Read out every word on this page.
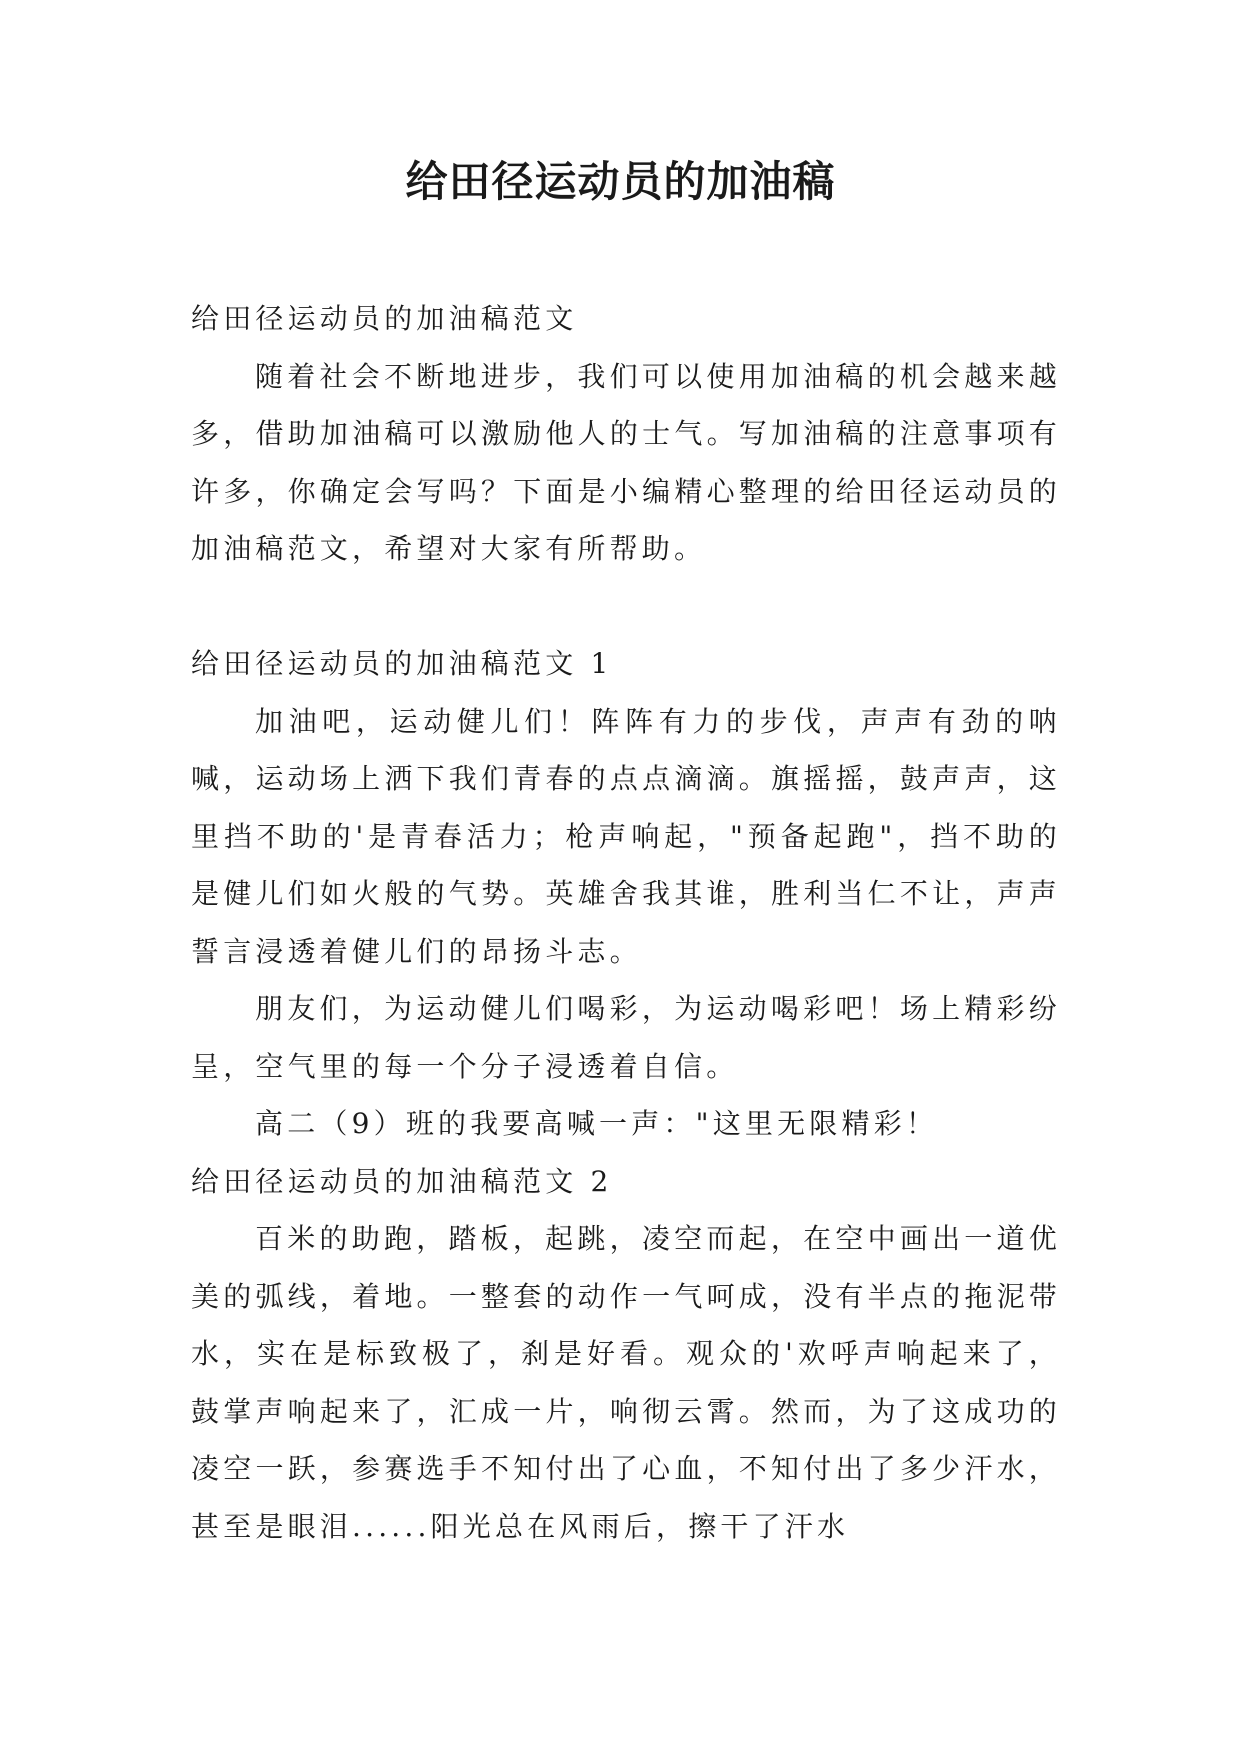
给田径运动员的加油稿

给田径运动员的加油稿范文

随着社会不断地进步，我们可以使用加油稿的机会越来越多，借助加油稿可以激励他人的士气。写加油稿的注意事项有许多，你确定会写吗？下面是小编精心整理的给田径运动员的加油稿范文，希望对大家有所帮助。

给田径运动员的加油稿范文 1

加油吧，运动健儿们！阵阵有力的步伐，声声有劲的呐喊，运动场上洒下我们青春的点点滴滴。旗摇摇，鼓声声，这里挡不助的'是青春活力；枪声响起，"预备起跑"，挡不助的是健儿们如火般的气势。英雄舍我其谁，胜利当仁不让，声声誓言浸透着健儿们的昂扬斗志。

朋友们，为运动健儿们喝彩，为运动喝彩吧！场上精彩纷呈，空气里的每一个分子浸透着自信。

高二（9）班的我要高喊一声："这里无限精彩！

给田径运动员的加油稿范文 2

百米的助跑，踏板，起跳，凌空而起，在空中画出一道优美的弧线，着地。一整套的动作一气呵成，没有半点的拖泥带水，实在是标致极了，刹是好看。观众的'欢呼声响起来了，鼓掌声响起来了，汇成一片，响彻云霄。然而，为了这成功的凌空一跃，参赛选手不知付出了心血，不知付出了多少汗水，甚至是眼泪......阳光总在风雨后，擦干了汗水
